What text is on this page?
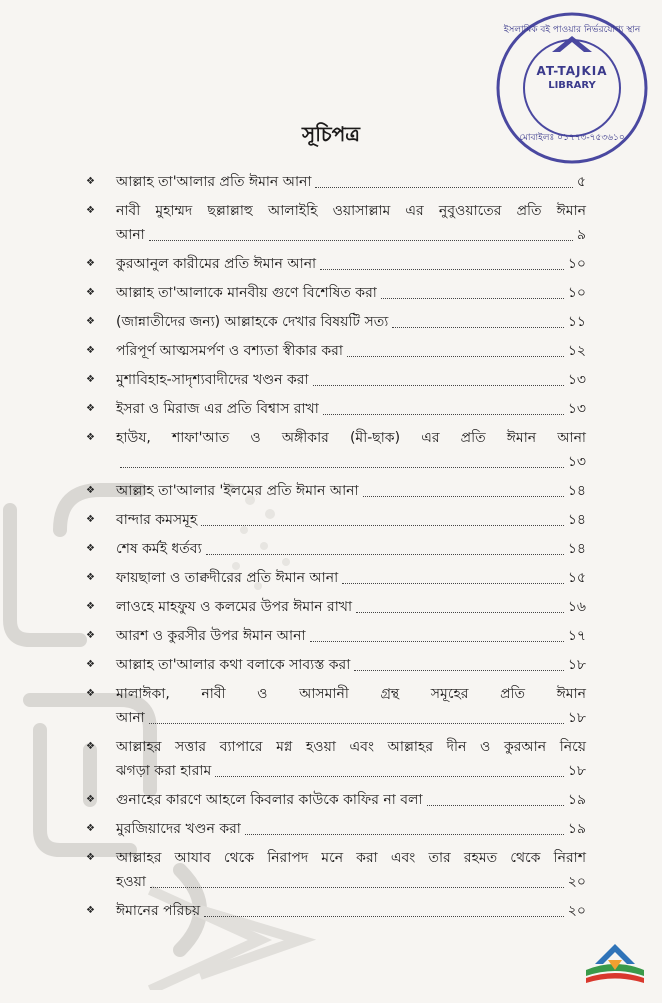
ইসলামিক বই পাওয়ার নির্ভরযোগ্য স্থান
AT-TAJKIA
LIBRARY
মোবাইলঃ ০১৭৭৩-৭৫৩৬১০
সূচিপত্র
❖ আল্লাহ তা'আলার প্রতি ঈমান আনা	৫
❖ নাবী মুহাম্মদ ছল্লাল্লাহু আলাইহি ওয়াসাল্লাম এর নুবুওয়াতের প্রতি ঈমান
আনা	৯
❖ কুরআনুল কারীমের প্রতি ঈমান আনা	১০
❖ আল্লাহ তা'আলাকে মানবীয় গুণে বিশেষিত করা	১০
❖ (জান্নাতীদের জন্য) আল্লাহকে দেখার বিষয়টি সত্য	১১
❖ পরিপূর্ণ আত্মসমর্পণ ও বশ্যতা স্বীকার করা	১২
❖ মুশাবিহাহ-সাদৃশ্যবাদীদের খণ্ডন করা	১৩
❖ ইসরা ও মিরাজ এর প্রতি বিশ্বাস রাখা	১৩
❖ হাউয, শাফা'আত ও অঙ্গীকার (মী-ছাক) এর প্রতি ঈমান আনা
১৩
❖ আল্লাহ তা'আলার 'ইলমের প্রতি ঈমান আনা	১৪
❖ বান্দার কমসমূহ	১৪
❖ শেষ কর্মই ধর্তব্য	১৪
❖ ফায়ছালা ও তাক্বদীরের প্রতি ঈমান আনা	১৫
❖ লাওহে মাহফুয ও কলমের উপর ঈমান রাখা	১৬
❖ আরশ ও কুরসীর উপর ঈমান আনা	১৭
❖ আল্লাহ তা'আলার কথা বলাকে সাব্যস্ত করা	১৮
❖ মালাঈকা, নাবী ও আসমানী গ্রন্থ সমূহের প্রতি ঈমান
আনা	১৮
❖ আল্লাহর সত্তার ব্যাপারে মগ্ন হওয়া এবং আল্লাহর দীন ও কুরআন নিয়ে
ঝগড়া করা হারাম	১৮
❖ গুনাহের কারণে আহলে কিবলার কাউকে কাফির না বলা	১৯
❖ মুরজিয়াদের খণ্ডন করা	১৯
❖ আল্লাহর আযাব থেকে নিরাপদ মনে করা এবং তার রহমত থেকে নিরাশ
হওয়া	২০
❖ ঈমানের পরিচয়	২০
